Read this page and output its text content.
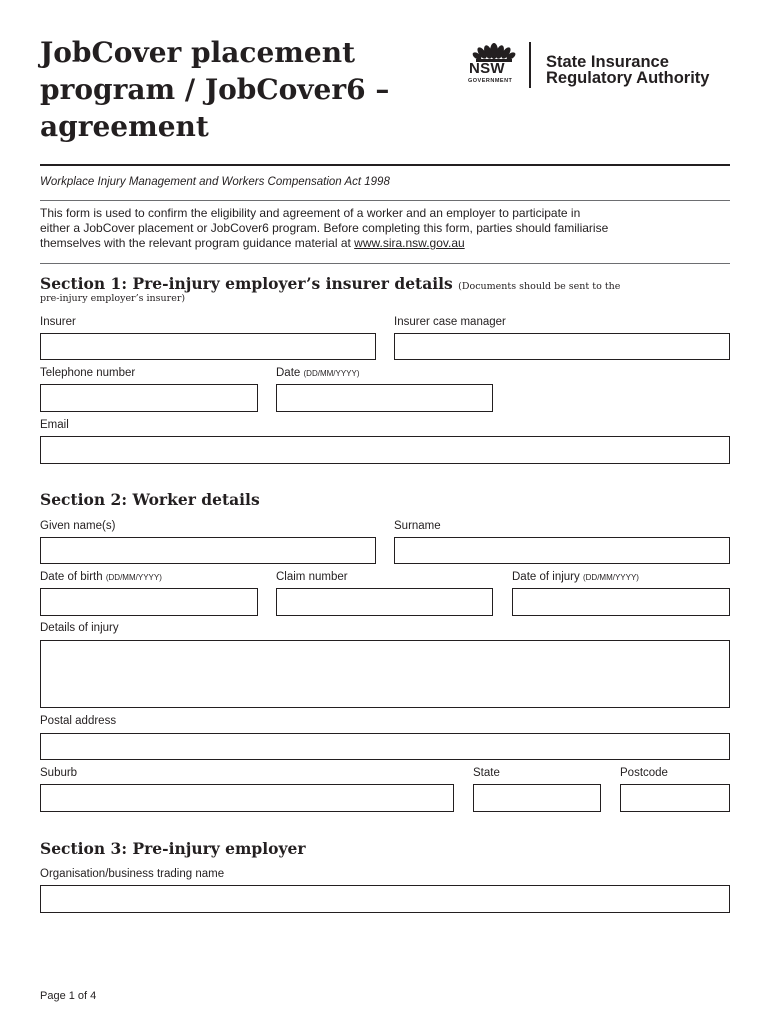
JobCover placement
program / JobCover6 –
agreement
NSW
GOVERNMENT
State Insurance
Regulatory Authority
Workplace Injury Management and Workers Compensation Act 1998
This form is used to confirm the eligibility and agreement of a worker and an employer to participate in
either a JobCover placement or JobCover6 program. Before completing this form, parties should familiarise
themselves with the relevant program guidance material at www.sira.nsw.gov.au
Section 1: Pre-injury employer’s insurer details (Documents should be sent to the
pre-injury employer’s insurer)
Insurer	Insurer case manager
Telephone number	Date (DD/MM/YYYY)
Email
Section 2: Worker details
Given name(s)	Surname
Date of birth (DD/MM/YYYY)	Claim number	Date of injury (DD/MM/YYYY)
Details of injury
Postal address
Suburb	State	Postcode
Section 3: Pre-injury employer
Organisation/business trading name
Page 1 of 4
